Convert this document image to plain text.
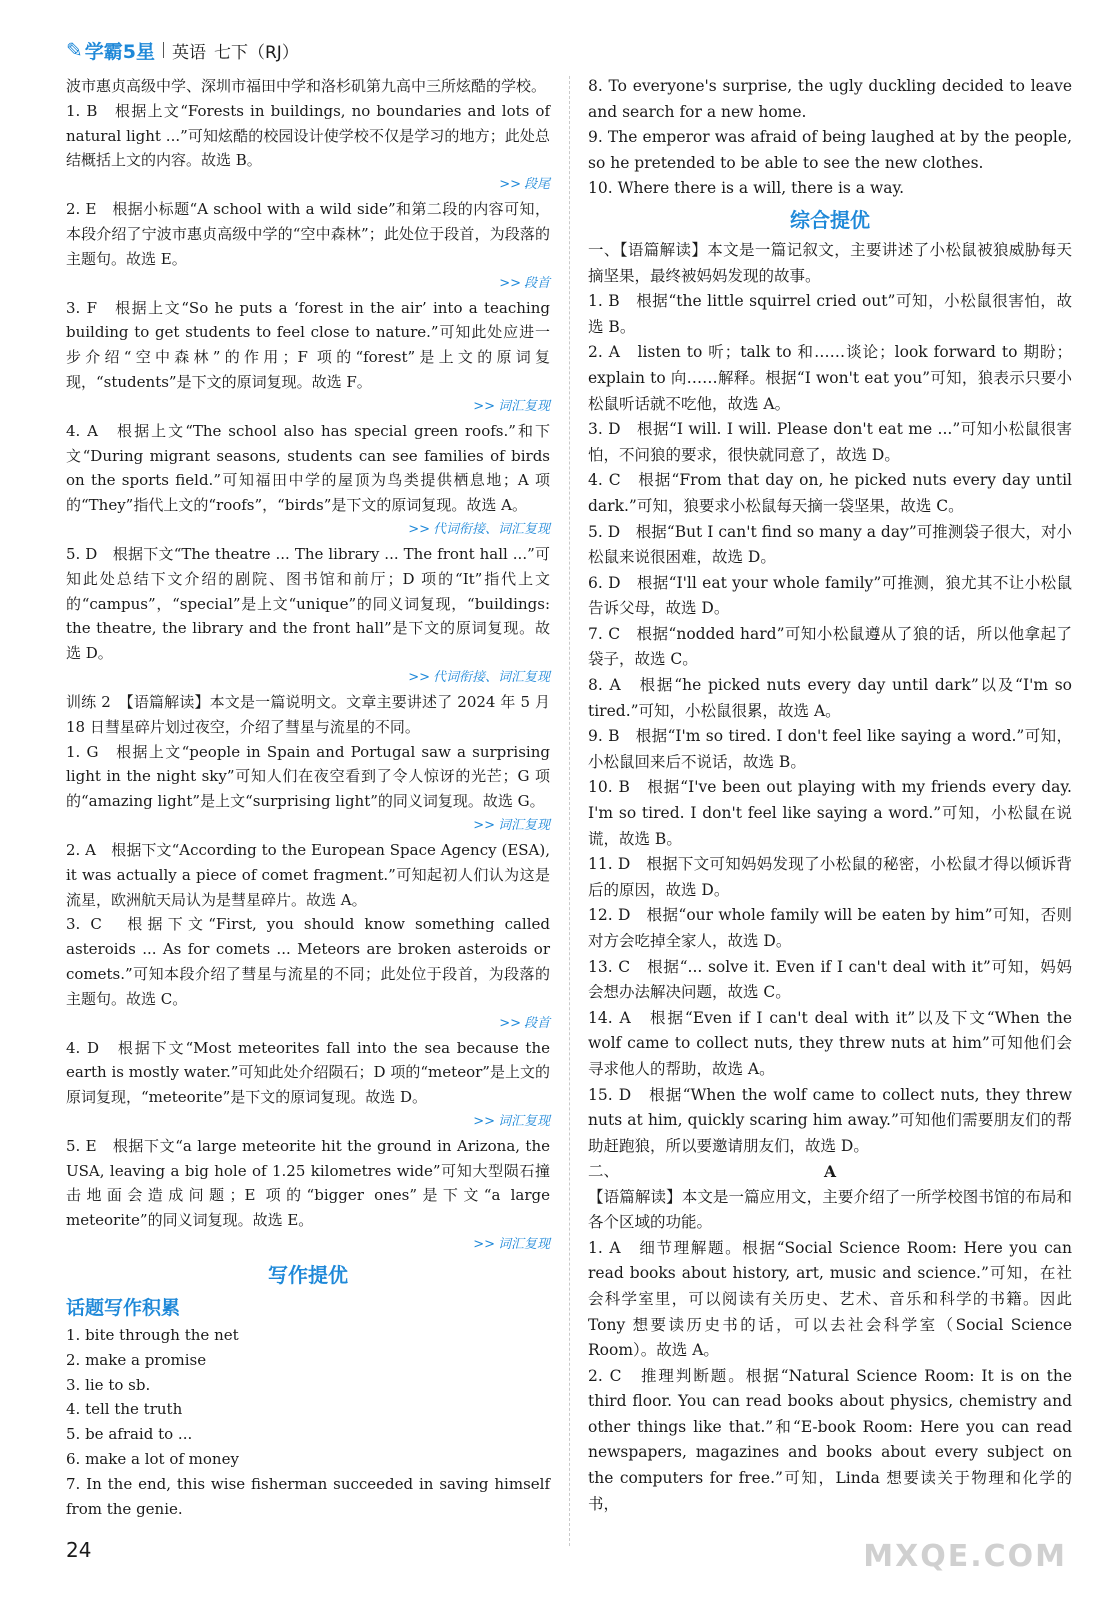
✎ 学霸5星 英语 七下（RJ）

波市惠贞高级中学、深圳市福田中学和洛杉矶第九高中三所炫酷的学校。

1. B　根据上文“Forests in buildings, no boundaries and lots of natural light ...”可知炫酷的校园设计使学校不仅是学习的地方；此处总结概括上文的内容。故选 B。

>> 段尾

2. E　根据小标题“A school with a wild side”和第二段的内容可知，本段介绍了宁波市惠贞高级中学的“空中森林”；此处位于段首，为段落的主题句。故选 E。

>> 段首

3. F　根据上文“So he puts a ‘forest in the air’ into a teaching building to get students to feel close to nature.”可知此处应进一步介绍“空中森林”的作用；F 项的“forest”是上文的原词复现，“students”是下文的原词复现。故选 F。

>> 词汇复现

4. A　根据上文“The school also has special green roofs.”和下文“During migrant seasons, students can see families of birds on the sports field.”可知福田中学的屋顶为鸟类提供栖息地；A 项的“They”指代上文的“roofs”，“birds”是下文的原词复现。故选 A。

>> 代词衔接、词汇复现

5. D　根据下文“The theatre ... The library ... The front hall ...”可知此处总结下文介绍的剧院、图书馆和前厅；D 项的“It”指代上文的“campus”，“special”是上文“unique”的同义词复现，“buildings: the theatre, the library and the front hall”是下文的原词复现。故选 D。

>> 代词衔接、词汇复现

训练 2　【语篇解读】本文是一篇说明文。文章主要讲述了 2024 年 5 月 18 日彗星碎片划过夜空，介绍了彗星与流星的不同。

1. G　根据上文“people in Spain and Portugal saw a surprising light in the night sky”可知人们在夜空看到了令人惊讶的光芒；G 项的“amazing light”是上文“surprising light”的同义词复现。故选 G。

>> 词汇复现

2. A　根据下文“According to the European Space Agency (ESA), it was actually a piece of comet fragment.”可知起初人们认为这是流星，欧洲航天局认为是彗星碎片。故选 A。

3. C　根据下文“First, you should know something called asteroids ... As for comets ... Meteors are broken asteroids or comets.”可知本段介绍了彗星与流星的不同；此处位于段首，为段落的主题句。故选 C。

>> 段首

4. D　根据下文“Most meteorites fall into the sea because the earth is mostly water.”可知此处介绍陨石；D 项的“meteor”是上文的原词复现，“meteorite”是下文的原词复现。故选 D。

>> 词汇复现

5. E　根据下文“a large meteorite hit the ground in Arizona, the USA, leaving a big hole of 1.25 kilometres wide”可知大型陨石撞击地面会造成问题；E 项的“bigger ones”是下文“a large meteorite”的同义词复现。故选 E。

>> 词汇复现
写作提优
话题写作积累

1. bite through the net

2. make a promise

3. lie to sb.

4. tell the truth

5. be afraid to ...

6. make a lot of money

7. In the end, this wise fisherman succeeded in saving himself from the genie.

8. To everyone's surprise, the ugly duckling decided to leave and search for a new home.

9. The emperor was afraid of being laughed at by the people, so he pretended to be able to see the new clothes.

10. Where there is a will, there is a way.

综合提优

一、【语篇解读】本文是一篇记叙文，主要讲述了小松鼠被狼威胁每天摘坚果，最终被妈妈发现的故事。

1. B　根据“the little squirrel cried out”可知，小松鼠很害怕，故选 B。

2. A　listen to 听；talk to 和……谈论；look forward to 期盼；explain to 向……解释。根据“I won't eat you”可知，狼表示只要小松鼠听话就不吃他，故选 A。

3. D　根据“I will. I will. Please don't eat me ...”可知小松鼠很害怕，不问狼的要求，很快就同意了，故选 D。

4. C　根据“From that day on, he picked nuts every day until dark.”可知，狼要求小松鼠每天摘一袋坚果，故选 C。

5. D　根据“But I can't find so many a day”可推测袋子很大，对小松鼠来说很困难，故选 D。

6. D　根据“I'll eat your whole family”可推测，狼尤其不让小松鼠告诉父母，故选 D。

7. C　根据“nodded hard”可知小松鼠遵从了狼的话，所以他拿起了袋子，故选 C。

8. A　根据“he picked nuts every day until dark”以及“I'm so tired.”可知，小松鼠很累，故选 A。

9. B　根据“I'm so tired. I don't feel like saying a word.”可知，小松鼠回来后不说话，故选 B。

10. B　根据“I've been out playing with my friends every day. I'm so tired. I don't feel like saying a word.”可知，小松鼠在说谎，故选 B。

11. D　根据下文可知妈妈发现了小松鼠的秘密，小松鼠才得以倾诉背后的原因，故选 D。

12. D　根据“our whole family will be eaten by him”可知，否则对方会吃掉全家人，故选 D。

13. C　根据“... solve it. Even if I can't deal with it”可知，妈妈会想办法解决问题，故选 C。

14. A　根据“Even if I can't deal with it”以及下文“When the wolf came to collect nuts, they threw nuts at him”可知他们会寻求他人的帮助，故选 A。

15. D　根据“When the wolf came to collect nuts, they threw nuts at him, quickly scaring him away.”可知他们需要朋友们的帮助赶跑狼，所以要邀请朋友们，故选 D。

二、	A

【语篇解读】本文是一篇应用文，主要介绍了一所学校图书馆的布局和各个区域的功能。

1. A　细节理解题。根据“Social Science Room: Here you can read books about history, art, music and science.”可知，在社会科学室里，可以阅读有关历史、艺术、音乐和科学的书籍。因此 Tony 想要读历史书的话，可以去社会科学室（Social Science Room）。故选 A。

2. C　推理判断题。根据“Natural Science Room: It is on the third floor. You can read books about physics, chemistry and other things like that.”和“E-book Room: Here you can read newspapers, magazines and books about every subject on the computers for free.”可知，Linda 想要读关于物理和化学的书，

24	MXQE.COM
